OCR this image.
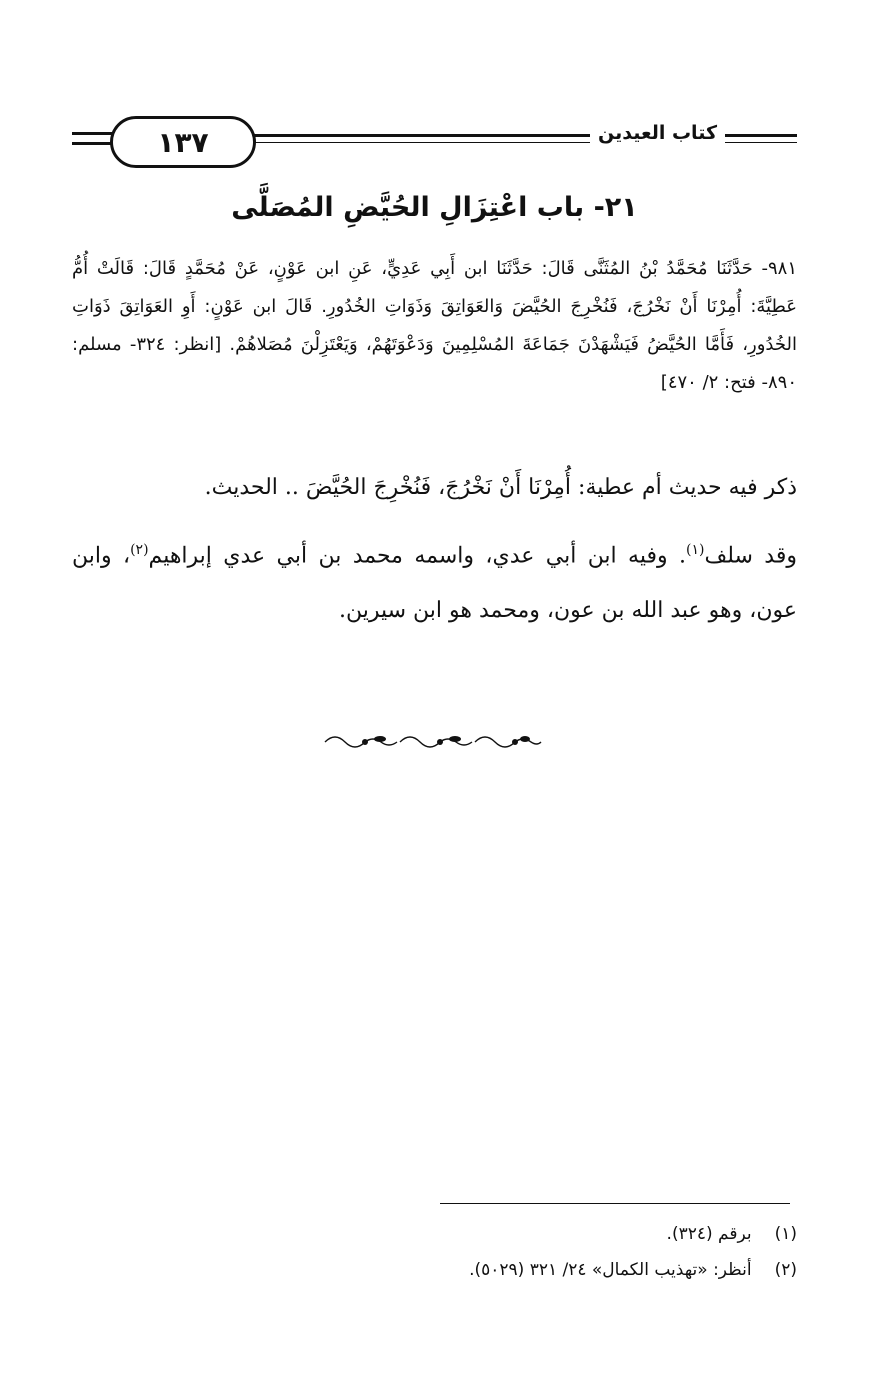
١٣٧	كتاب العيدين
٢١- باب اعْتِزَالِ الحُيَّضِ المُصَلَّى
٩٨١- حَدَّثَنَا مُحَمَّدُ بْنُ المُثَنَّى قَالَ: حَدَّثَنَا ابن أَبِي عَدِيٍّ، عَنِ ابن عَوْنٍ، عَنْ مُحَمَّدٍ قَالَ: قَالَتْ أُمُّ عَطِيَّةَ: أُمِرْنَا أَنْ نَخْرُجَ، فَنُخْرِجَ الحُيَّضَ وَالعَوَاتِقَ وَذَوَاتِ الخُدُورِ. قَالَ ابن عَوْنٍ: أَوِ العَوَاتِقَ ذَوَاتِ الخُدُورِ، فَأَمَّا الحُيَّضُ فَيَشْهَدْنَ جَمَاعَةَ المُسْلِمِينَ وَدَعْوَتَهُمْ، وَيَعْتَزِلْنَ مُصَلاهُمْ. [انظر: ٣٢٤- مسلم: ٨٩٠- فتح: ٢/ ٤٧٠]

ذكر فيه حديث أم عطية: أُمِرْنَا أَنْ نَخْرُجَ، فَنُخْرِجَ الحُيَّضَ .. الحديث.

وقد سلف$^{(١)}$. وفيه ابن أبي عدي، واسمه محمد بن أبي عدي إبراهيم$^{(٢)}$، وابن عون، وهو عبد الله بن عون، ومحمد هو ابن سيرين.

(١) برقم (٣٢٤).
(٢) أنظر: «تهذيب الكمال» ٢٤/ ٣٢١ (٥٠٢٩).
